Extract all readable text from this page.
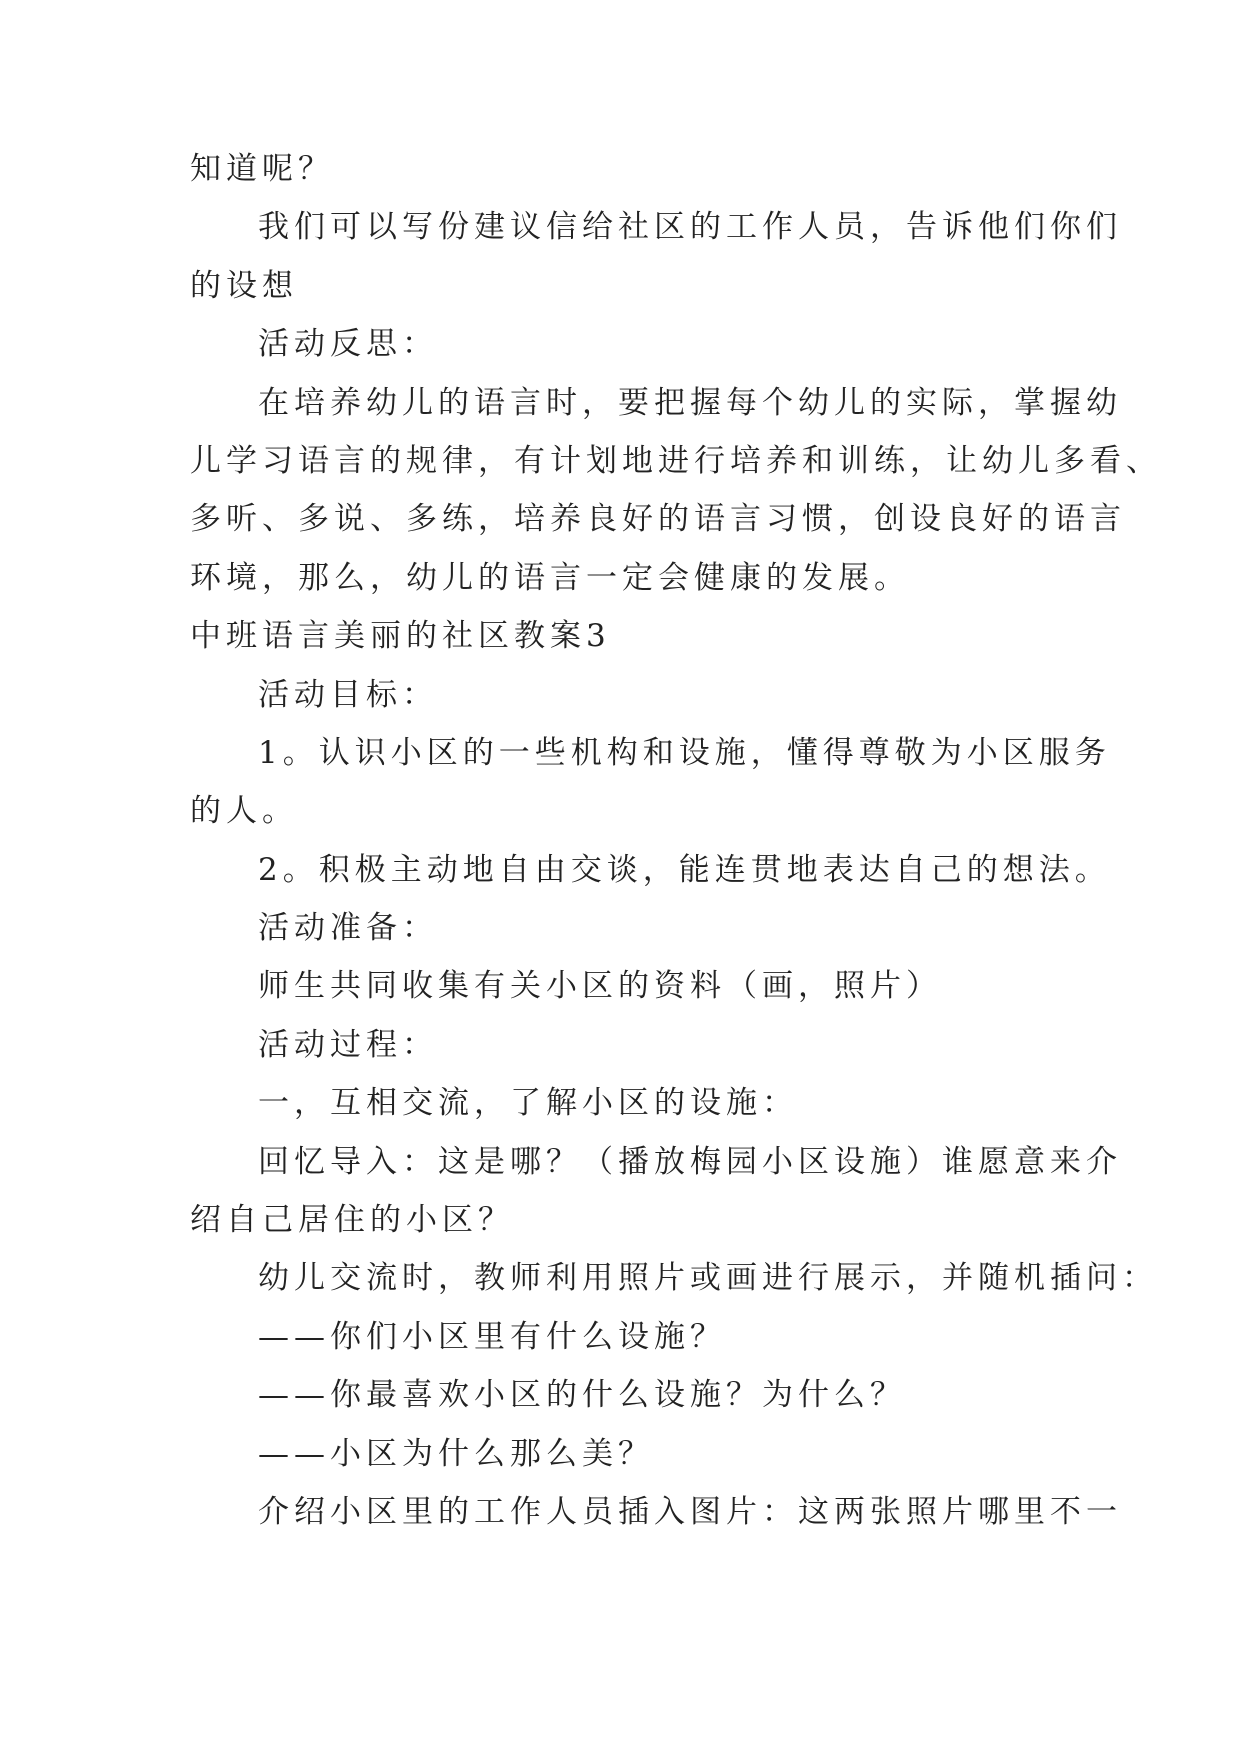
知道呢？
我们可以写份建议信给社区的工作人员，告诉他们你们
的设想
活动反思：
在培养幼儿的语言时，要把握每个幼儿的实际，掌握幼
儿学习语言的规律，有计划地进行培养和训练，让幼儿多看、
多听、多说、多练，培养良好的语言习惯，创设良好的语言
环境，那么，幼儿的语言一定会健康的发展。
中班语言美丽的社区教案3
活动目标：
1。认识小区的一些机构和设施，懂得尊敬为小区服务
的人。
2。积极主动地自由交谈，能连贯地表达自己的想法。
活动准备：
师生共同收集有关小区的资料（画，照片）
活动过程：
一，互相交流，了解小区的设施：
回忆导入：这是哪？（播放梅园小区设施）谁愿意来介
绍自己居住的小区？
幼儿交流时，教师利用照片或画进行展示，并随机插问：
——你们小区里有什么设施？
——你最喜欢小区的什么设施？为什么？
——小区为什么那么美？
介绍小区里的工作人员插入图片：这两张照片哪里不一
